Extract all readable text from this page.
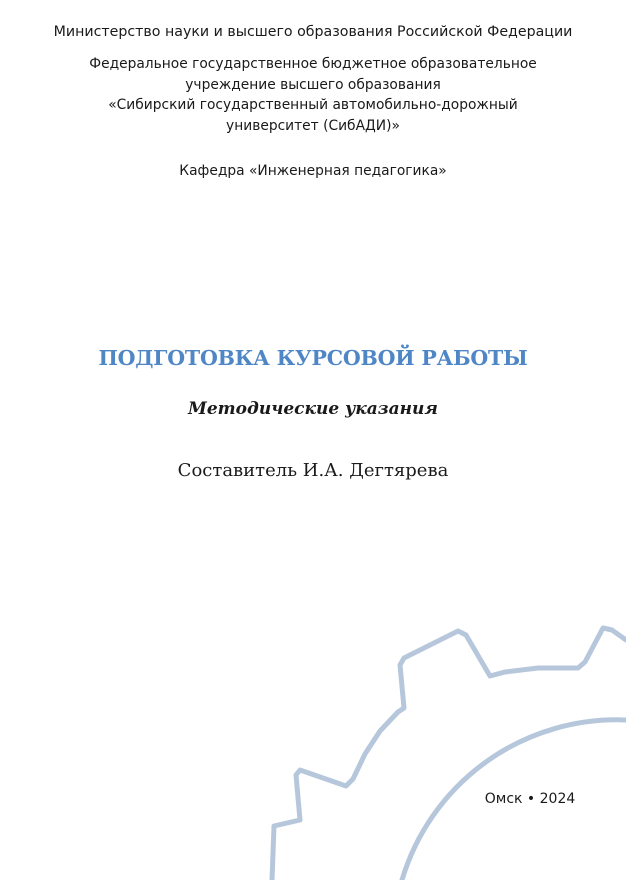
Министерство науки и высшего образования Российской Федерации
Федеральное государственное бюджетное образовательное
учреждение высшего образования
«Сибирский государственный автомобильно-дорожный
университет (СибАДИ)»
Кафедра «Инженерная педагогика»
ПОДГОТОВКА КУРСОВОЙ РАБОТЫ
Методические указания
Составитель И.А. Дегтярева
Омск • 2024
